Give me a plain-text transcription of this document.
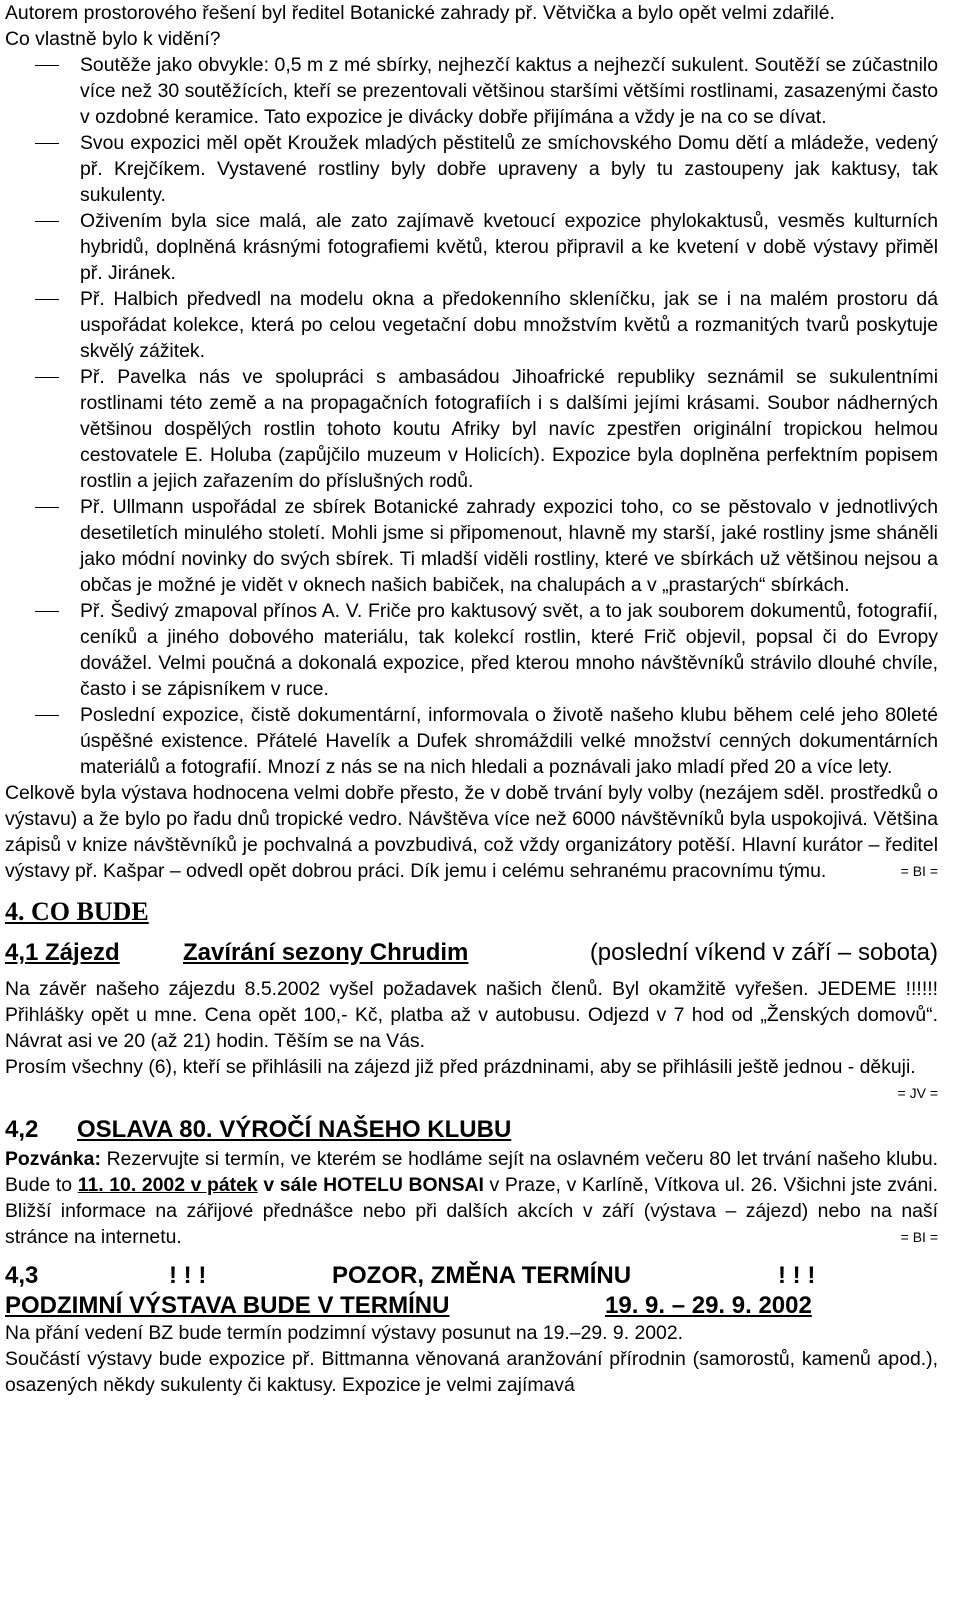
Autorem prostorového řešení byl ředitel Botanické zahrady př. Větvička a bylo opět velmi zdařilé.

Co vlastně bylo k vidění?

Soutěže jako obvykle: 0,5 m z mé sbírky, nejhezčí kaktus a nejhezčí sukulent. Soutěží se zúčastnilo více než 30 soutěžících, kteří se prezentovali většinou staršími většími rostlinami, zasazenými často v ozdobné keramice. Tato expozice je divácky dobře přijímána a vždy je na co se dívat.
Svou expozici měl opět Kroužek mladých pěstitelů ze smíchovského Domu dětí a mládeže, vedený př. Krejčíkem. Vystavené rostliny byly dobře upraveny a byly tu zastoupeny jak kaktusy, tak sukulenty.
Oživením byla sice malá, ale zato zajímavě kvetoucí expozice phylokaktusů, vesměs kulturních hybridů, doplněná krásnými fotografiemi květů, kterou připravil a ke kvetení v době výstavy přiměl př. Jiránek.
Př. Halbich předvedl na modelu okna a předokenního skleníčku, jak se i na malém prostoru dá uspořádat kolekce, která po celou vegetační dobu množstvím květů a rozmanitých tvarů poskytuje skvělý zážitek.
Př. Pavelka nás ve spolupráci s ambasádou Jihoafrické republiky seznámil se sukulentními rostlinami této země a na propagačních fotografiích i s dalšími jejími krásami. Soubor nádherných většinou dospělých rostlin tohoto koutu Afriky byl navíc zpestřen originální tropickou helmou cestovatele E. Holuba (zapůjčilo muzeum v Holicích). Expozice byla doplněna perfektním popisem rostlin a jejich zařazením do příslušných rodů.
Př. Ullmann uspořádal ze sbírek Botanické zahrady expozici toho, co se pěstovalo v jednotlivých desetiletích minulého století. Mohli jsme si připomenout, hlavně my starší, jaké rostliny jsme sháněli jako módní novinky do svých sbírek. Ti mladší viděli rostliny, které ve sbírkách už většinou nejsou a občas je možné je vidět v oknech našich babiček, na chalupách a v „prastarých“ sbírkách.
Př. Šedivý zmapoval přínos A. V. Friče pro kaktusový svět, a to jak souborem dokumentů, fotografií, ceníků a jiného dobového materiálu, tak kolekcí rostlin, které Frič objevil, popsal či do Evropy dovážel. Velmi poučná a dokonalá expozice, před kterou mnoho návštěvníků strávilo dlouhé chvíle, často i se zápisníkem v ruce.
Poslední expozice, čistě dokumentární, informovala o životě našeho klubu během celé jeho 80leté úspěšné existence. Přátelé Havelík a Dufek shromáždili velké množství cenných dokumentárních materiálů a fotografií. Mnozí z nás se na nich hledali a poznávali jako mladí před 20 a více lety.

Celkově byla výstava hodnocena velmi dobře přesto, že v době trvání byly volby (nezájem sděl. prostředků o výstavu) a že bylo po řadu dnů tropické vedro. Návštěva více než 6000 návštěvníků byla uspokojivá. Většina zápisů v knize návštěvníků je pochvalná a povzbudivá, což vždy organizátory potěší. Hlavní kurátor – ředitel výstavy př. Kašpar – odvedl opět dobrou práci. Dík jemu i celému sehranému pracovnímu týmu.	= BI =

4. CO BUDE
4,1 Zájezd	Zavírání sezony Chrudim	(poslední víkend v září – sobota)

Na závěr našeho zájezdu 8.5.2002 vyšel požadavek našich členů. Byl okamžitě vyřešen. JEDEME !!!!!! Přihlášky opět u mne. Cena opět 100,- Kč, platba až v autobusu. Odjezd v 7 hod od „Ženských domovů“. Návrat asi ve 20 (až 21) hodin. Těším se na Vás.

Prosím všechny (6), kteří se přihlásili na zájezd již před prázdninami, aby se přihlásili ještě jednou - děkuji.
= JV =

4,2 OSLAVA 80. VÝROČÍ NAŠEHO KLUBU

Pozvánka: Rezervujte si termín, ve kterém se hodláme sejít na oslavném večeru 80 let trvání našeho klubu. Bude to 11. 10. 2002 v pátek v sále HOTELU BONSAI v Praze, v Karlíně, Vítkova ul. 26. Všichni jste zváni. Bližší informace na zářijové přednášce nebo při dalších akcích v září (výstava – zájezd) nebo na naší stránce na internetu.	= BI =

4,3	! ! !	POZOR, ZMĚNA TERMÍNU	! ! !
PODZIMNÍ VÝSTAVA BUDE V TERMÍNU	19. 9. – 29. 9. 2002

Na přání vedení BZ bude termín podzimní výstavy posunut na 19.–29. 9. 2002.

Součástí výstavy bude expozice př. Bittmanna věnovaná aranžování přírodnin (samorostů, kamenů apod.), osazených někdy sukulenty či kaktusy. Expozice je velmi zajímavá
